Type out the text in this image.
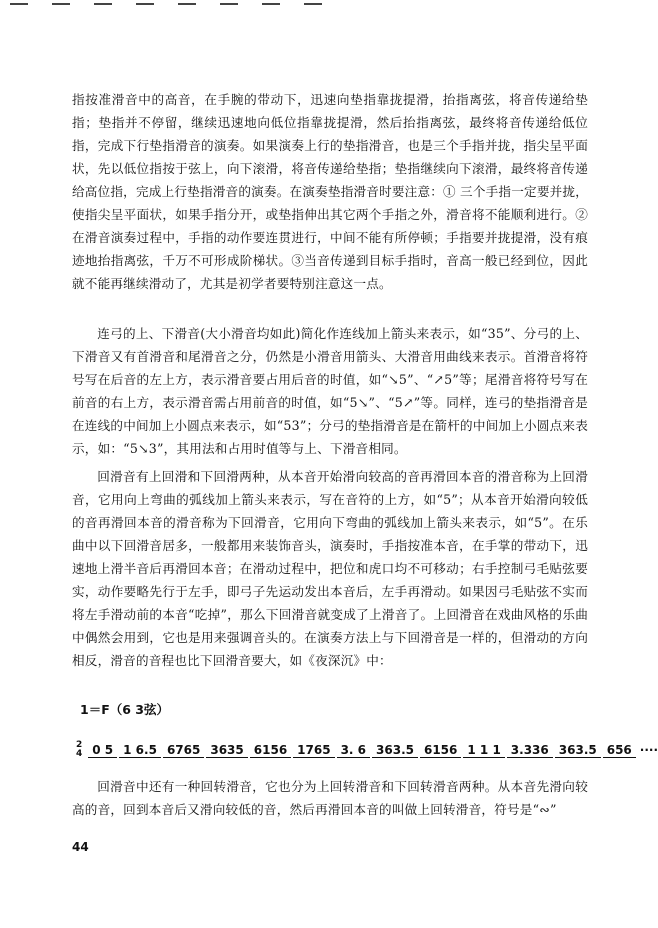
指按准滑音中的高音，在手腕的带动下，迅速向垫指靠拢提滑，抬指离弦，将音传递给垫指；垫指并不停留，继续迅速地向低位指靠拢提滑，然后抬指离弦，最终将音传递给低位指，完成下行垫指滑音的演奏。如果演奏上行的垫指滑音，也是三个手指并拢，指尖呈平面状，先以低位指按于弦上，向下滚滑，将音传递给垫指；垫指继续向下滚滑，最终将音传递给高位指，完成上行垫指滑音的演奏。在演奏垫指滑音时要注意：① 三个手指一定要并拢，使指尖呈平面状，如果手指分开，或垫指伸出其它两个手指之外，滑音将不能顺利进行。②在滑音演奏过程中，手指的动作要连贯进行，中间不能有所停顿；手指要并拢提滑，没有痕迹地抬指离弦，千万不可形成阶梯状。③当音传递到目标手指时，音高一般已经到位，因此就不能再继续滑动了，尤其是初学者要特别注意这一点。

连弓的上、下滑音(大小滑音均如此)简化作连线加上箭头来表示，如“35”、分弓的上、下滑音又有首滑音和尾滑音之分，仍然是小滑音用箭头、大滑音用曲线来表示。首滑音将符号写在后音的左上方，表示滑音要占用后音的时值，如“↘5”、“↗5”等；尾滑音将符号写在前音的右上方，表示滑音需占用前音的时值，如“5↘”、“5↗”等。同样，连弓的垫指滑音是在连线的中间加上小圆点来表示，如“53”；分弓的垫指滑音是在箭杆的中间加上小圆点来表示，如：“5↘3”，其用法和占用时值等与上、下滑音相同。

回滑音有上回滑和下回滑两种，从本音开始滑向较高的音再滑回本音的滑音称为上回滑音，它用向上弯曲的弧线加上箭头来表示，写在音符的上方，如“5”；从本音开始滑向较低的音再滑回本音的滑音称为下回滑音，它用向下弯曲的弧线加上箭头来表示，如“5”。在乐曲中以下回滑音居多，一般都用来装饰音头，演奏时，手指按准本音，在手掌的带动下，迅速地上滑半音后再滑回本音；在滑动过程中，把位和虎口均不可移动；右手控制弓毛贴弦要实，动作要略先行于左手，即弓子先运动发出本音后，左手再滑动。如果因弓毛贴弦不实而将左手滑动前的本音“吃掉”，那么下回滑音就变成了上滑音了。上回滑音在戏曲风格的乐曲中偶然会用到，它也是用来强调音头的。在演奏方法上与下回滑音是一样的，但滑动的方向相反，滑音的音程也比下回滑音要大，如《夜深沉》中：

1＝F（6 3弦）
2
4 0 5 1 6.5 6765 3635 6156 1765 3. 6 363.5 6156 1 1 1 3.336 363.5 656 ····

回滑音中还有一种回转滑音，它也分为上回转滑音和下回转滑音两种。从本音先滑向较高的音，回到本音后又滑向较低的音，然后再滑回本音的叫做上回转滑音，符号是“∾”

44
